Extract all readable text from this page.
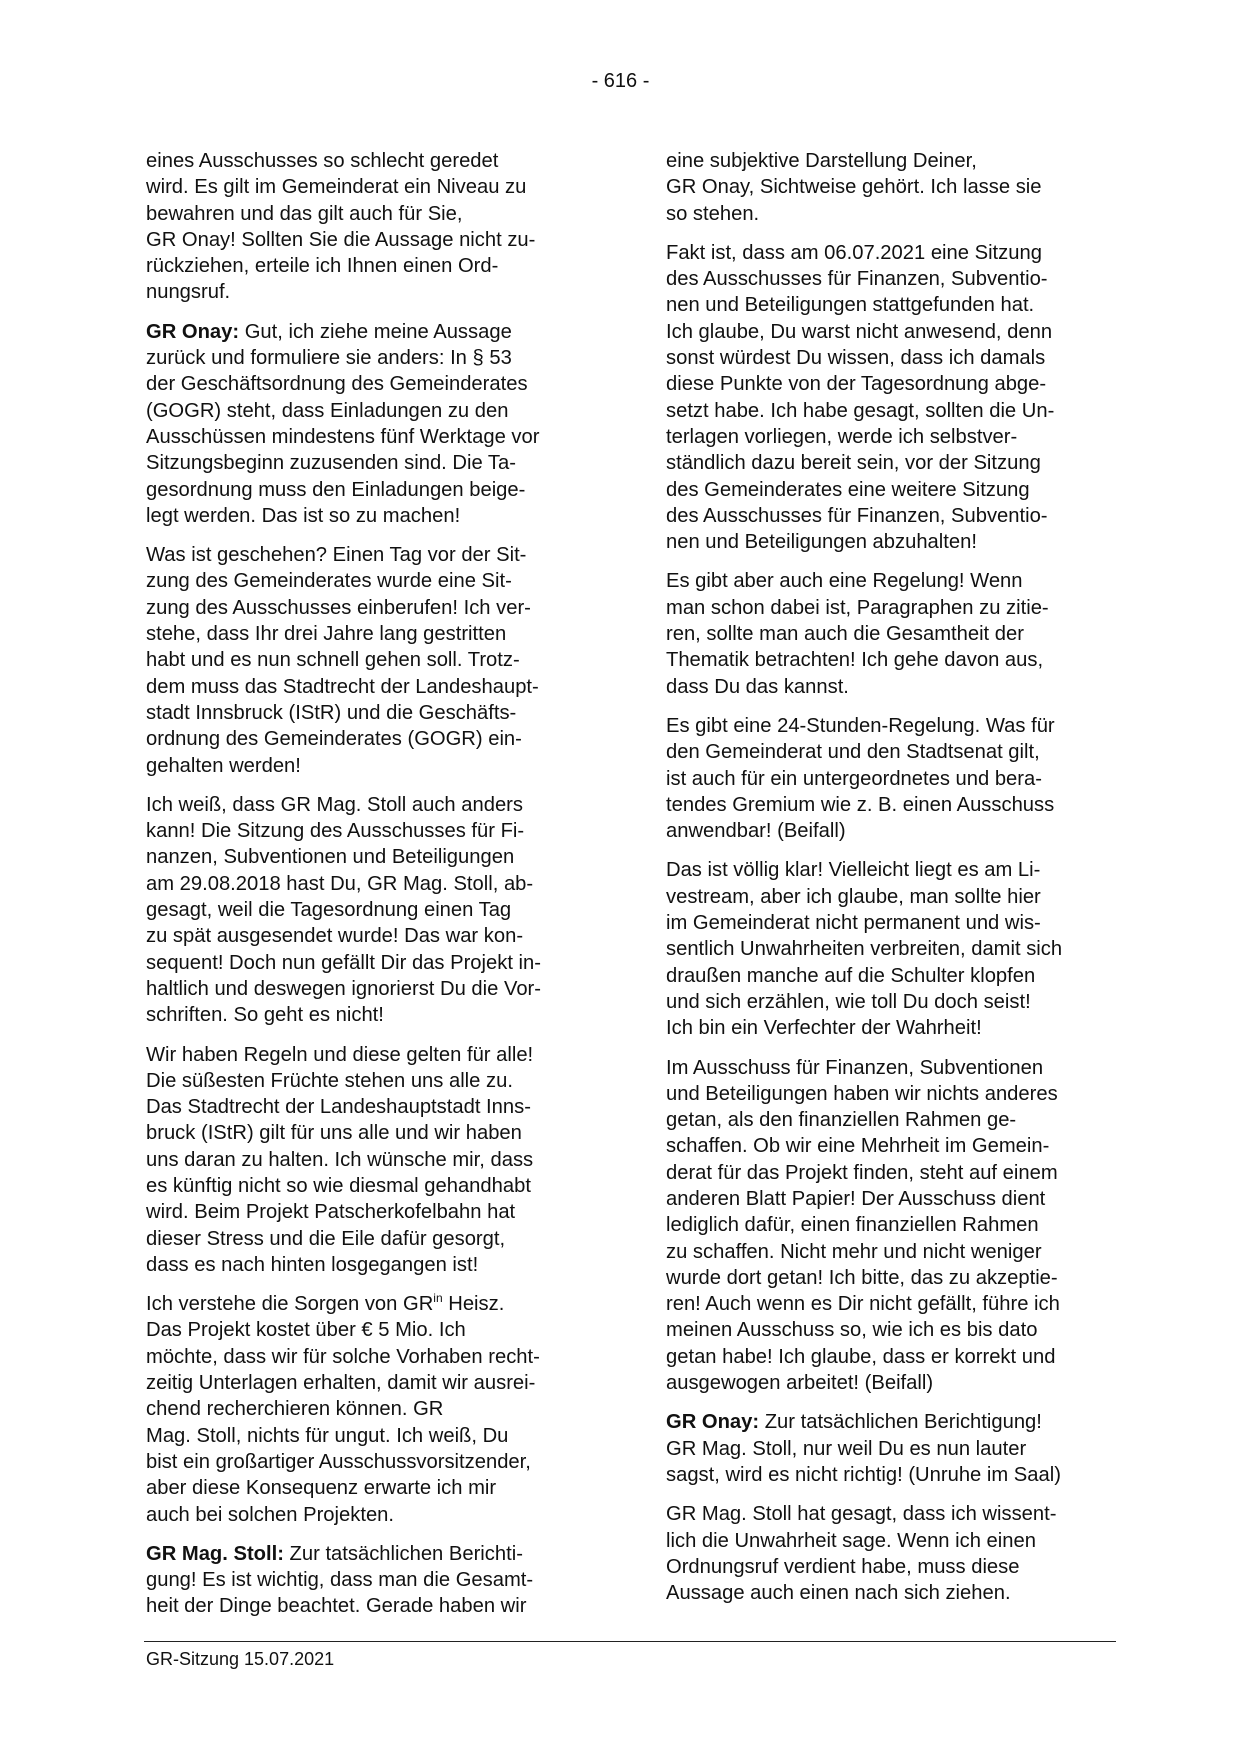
- 616 -

eines Ausschusses so schlecht geredet
wird. Es gilt im Gemeinderat ein Niveau zu
bewahren und das gilt auch für Sie,
GR Onay! Sollten Sie die Aussage nicht zu-
rückziehen, erteile ich Ihnen einen Ord-
nungsruf.

GR Onay: Gut, ich ziehe meine Aussage
zurück und formuliere sie anders: In § 53
der Geschäftsordnung des Gemeinderates
(GOGR) steht, dass Einladungen zu den
Ausschüssen mindestens fünf Werktage vor
Sitzungsbeginn zuzusenden sind. Die Ta-
gesordnung muss den Einladungen beige-
legt werden. Das ist so zu machen!

Was ist geschehen? Einen Tag vor der Sit-
zung des Gemeinderates wurde eine Sit-
zung des Ausschusses einberufen! Ich ver-
stehe, dass Ihr drei Jahre lang gestritten
habt und es nun schnell gehen soll. Trotz-
dem muss das Stadtrecht der Landeshaupt-
stadt Innsbruck (IStR) und die Geschäfts-
ordnung des Gemeinderates (GOGR) ein-
gehalten werden!

Ich weiß, dass GR Mag. Stoll auch anders
kann! Die Sitzung des Ausschusses für Fi-
nanzen, Subventionen und Beteiligungen
am 29.08.2018 hast Du, GR Mag. Stoll, ab-
gesagt, weil die Tagesordnung einen Tag
zu spät ausgesendet wurde! Das war kon-
sequent! Doch nun gefällt Dir das Projekt in-
haltlich und deswegen ignorierst Du die Vor-
schriften. So geht es nicht!

Wir haben Regeln und diese gelten für alle!
Die süßesten Früchte stehen uns alle zu.
Das Stadtrecht der Landeshauptstadt Inns-
bruck (IStR) gilt für uns alle und wir haben
uns daran zu halten. Ich wünsche mir, dass
es künftig nicht so wie diesmal gehandhabt
wird. Beim Projekt Patscherkofelbahn hat
dieser Stress und die Eile dafür gesorgt,
dass es nach hinten losgegangen ist!

Ich verstehe die Sorgen von $GR^{in}$ Heisz.
Das Projekt kostet über € 5 Mio. Ich
möchte, dass wir für solche Vorhaben recht-
zeitig Unterlagen erhalten, damit wir ausrei-
chend recherchieren können. GR
Mag. Stoll, nichts für ungut. Ich weiß, Du
bist ein großartiger Ausschussvorsitzender,
aber diese Konsequenz erwarte ich mir
auch bei solchen Projekten.

GR Mag. Stoll: Zur tatsächlichen Berichti-
gung! Es ist wichtig, dass man die Gesamt-
heit der Dinge beachtet. Gerade haben wir

eine subjektive Darstellung Deiner,
GR Onay, Sichtweise gehört. Ich lasse sie
so stehen.

Fakt ist, dass am 06.07.2021 eine Sitzung
des Ausschusses für Finanzen, Subventio-
nen und Beteiligungen stattgefunden hat.
Ich glaube, Du warst nicht anwesend, denn
sonst würdest Du wissen, dass ich damals
diese Punkte von der Tagesordnung abge-
setzt habe. Ich habe gesagt, sollten die Un-
terlagen vorliegen, werde ich selbstver-
ständlich dazu bereit sein, vor der Sitzung
des Gemeinderates eine weitere Sitzung
des Ausschusses für Finanzen, Subventio-
nen und Beteiligungen abzuhalten!

Es gibt aber auch eine Regelung! Wenn
man schon dabei ist, Paragraphen zu zitie-
ren, sollte man auch die Gesamtheit der
Thematik betrachten! Ich gehe davon aus,
dass Du das kannst.

Es gibt eine 24-Stunden-Regelung. Was für
den Gemeinderat und den Stadtsenat gilt,
ist auch für ein untergeordnetes und bera-
tendes Gremium wie z. B. einen Ausschuss
anwendbar! (Beifall)

Das ist völlig klar! Vielleicht liegt es am Li-
vestream, aber ich glaube, man sollte hier
im Gemeinderat nicht permanent und wis-
sentlich Unwahrheiten verbreiten, damit sich
draußen manche auf die Schulter klopfen
und sich erzählen, wie toll Du doch seist!
Ich bin ein Verfechter der Wahrheit!

Im Ausschuss für Finanzen, Subventionen
und Beteiligungen haben wir nichts anderes
getan, als den finanziellen Rahmen ge-
schaffen. Ob wir eine Mehrheit im Gemein-
derat für das Projekt finden, steht auf einem
anderen Blatt Papier! Der Ausschuss dient
lediglich dafür, einen finanziellen Rahmen
zu schaffen. Nicht mehr und nicht weniger
wurde dort getan! Ich bitte, das zu akzeptie-
ren! Auch wenn es Dir nicht gefällt, führe ich
meinen Ausschuss so, wie ich es bis dato
getan habe! Ich glaube, dass er korrekt und
ausgewogen arbeitet! (Beifall)

GR Onay: Zur tatsächlichen Berichtigung!
GR Mag. Stoll, nur weil Du es nun lauter
sagst, wird es nicht richtig! (Unruhe im Saal)

GR Mag. Stoll hat gesagt, dass ich wissent-
lich die Unwahrheit sage. Wenn ich einen
Ordnungsruf verdient habe, muss diese
Aussage auch einen nach sich ziehen.

GR-Sitzung 15.07.2021
